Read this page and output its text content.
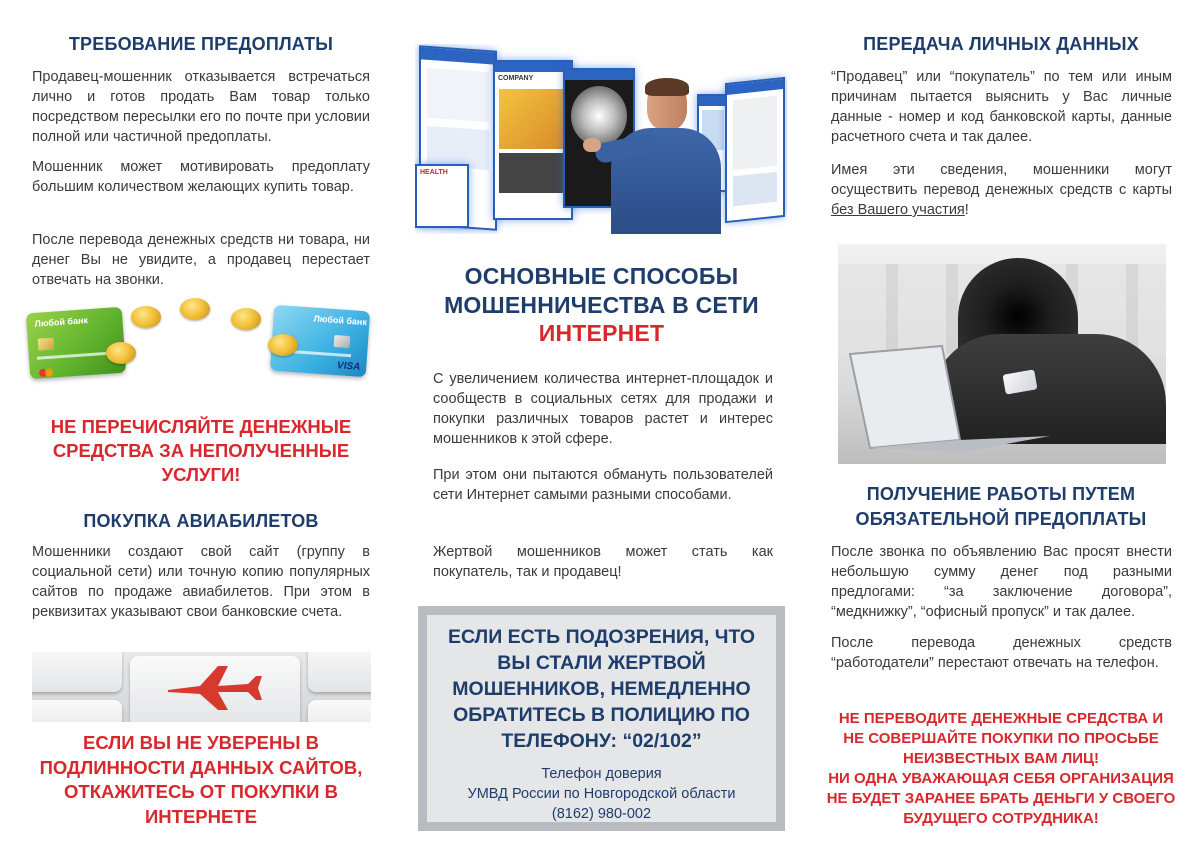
ТРЕБОВАНИЕ ПРЕДОПЛАТЫ
Продавец-мошенник отказывается встречаться лично и готов продать Вам товар только посредством пересылки его по почте при условии полной или частичной предоплаты.
Мошенник может мотивировать предоплату большим количеством желающих купить товар.
После перевода денежных средств ни товара, ни денег Вы не увидите, а продавец перестает отвечать на звонки.
Любой банк	Любой банк
VISA
НЕ ПЕРЕЧИСЛЯЙТЕ ДЕНЕЖНЫЕ
СРЕДСТВА ЗА НЕПОЛУЧЕННЫЕ
УСЛУГИ!
ПОКУПКА АВИАБИЛЕТОВ
Мошенники создают свой сайт (группу в социальной сети) или точную копию популярных сайтов по продаже авиабилетов. При этом в реквизитах указывают свои банковские счета.
ЕСЛИ ВЫ НЕ УВЕРЕНЫ В
ПОДЛИННОСТИ ДАННЫХ САЙТОВ,
ОТКАЖИТЕСЬ ОТ ПОКУПКИ В
ИНТЕРНЕТЕ
COMPANY
HEALTH
ОСНОВНЫЕ СПОСОБЫ
МОШЕННИЧЕСТВА В СЕТИ
ИНТЕРНЕТ
С увеличением количества интернет-площадок и сообществ в социальных сетях для продажи и покупки различных товаров растет и интерес мошенников к этой сфере.
При этом они пытаются обмануть пользователей сети Интернет самыми разными способами.
Жертвой мошенников может стать как покупатель, так и продавец!
ЕСЛИ ЕСТЬ ПОДОЗРЕНИЯ, ЧТО
ВЫ СТАЛИ ЖЕРТВОЙ
МОШЕННИКОВ, НЕМЕДЛЕННО
ОБРАТИТЕСЬ В ПОЛИЦИЮ ПО
ТЕЛЕФОНУ: “02/102”
Телефон доверия
УМВД России по Новгородской области
(8162) 980-002
ПЕРЕДАЧА ЛИЧНЫХ ДАННЫХ
“Продавец” или “покупатель” по тем или иным причинам пытается выяснить у Вас личные данные - номер и код банковской карты, данные расчетного счета и так далее.
Имея эти сведения, мошенники могут осуществить перевод денежных средств с карты без Вашего участия!
ПОЛУЧЕНИЕ РАБОТЫ ПУТЕМ
ОБЯЗАТЕЛЬНОЙ ПРЕДОПЛАТЫ
После звонка по объявлению Вас просят внести небольшую сумму денег под разными предлогами: “за заключение договора”, “медкнижку”, “офисный пропуск” и так далее.
После перевода денежных средств “работодатели” перестают отвечать на телефон.
НЕ ПЕРЕВОДИТЕ ДЕНЕЖНЫЕ СРЕДСТВА И
НЕ СОВЕРШАЙТЕ ПОКУПКИ ПО ПРОСЬБЕ
НЕИЗВЕСТНЫХ ВАМ ЛИЦ!
НИ ОДНА УВАЖАЮЩАЯ СЕБЯ ОРГАНИЗАЦИЯ
НЕ БУДЕТ ЗАРАНЕЕ БРАТЬ ДЕНЬГИ У СВОЕГО
БУДУЩЕГО СОТРУДНИКА!
